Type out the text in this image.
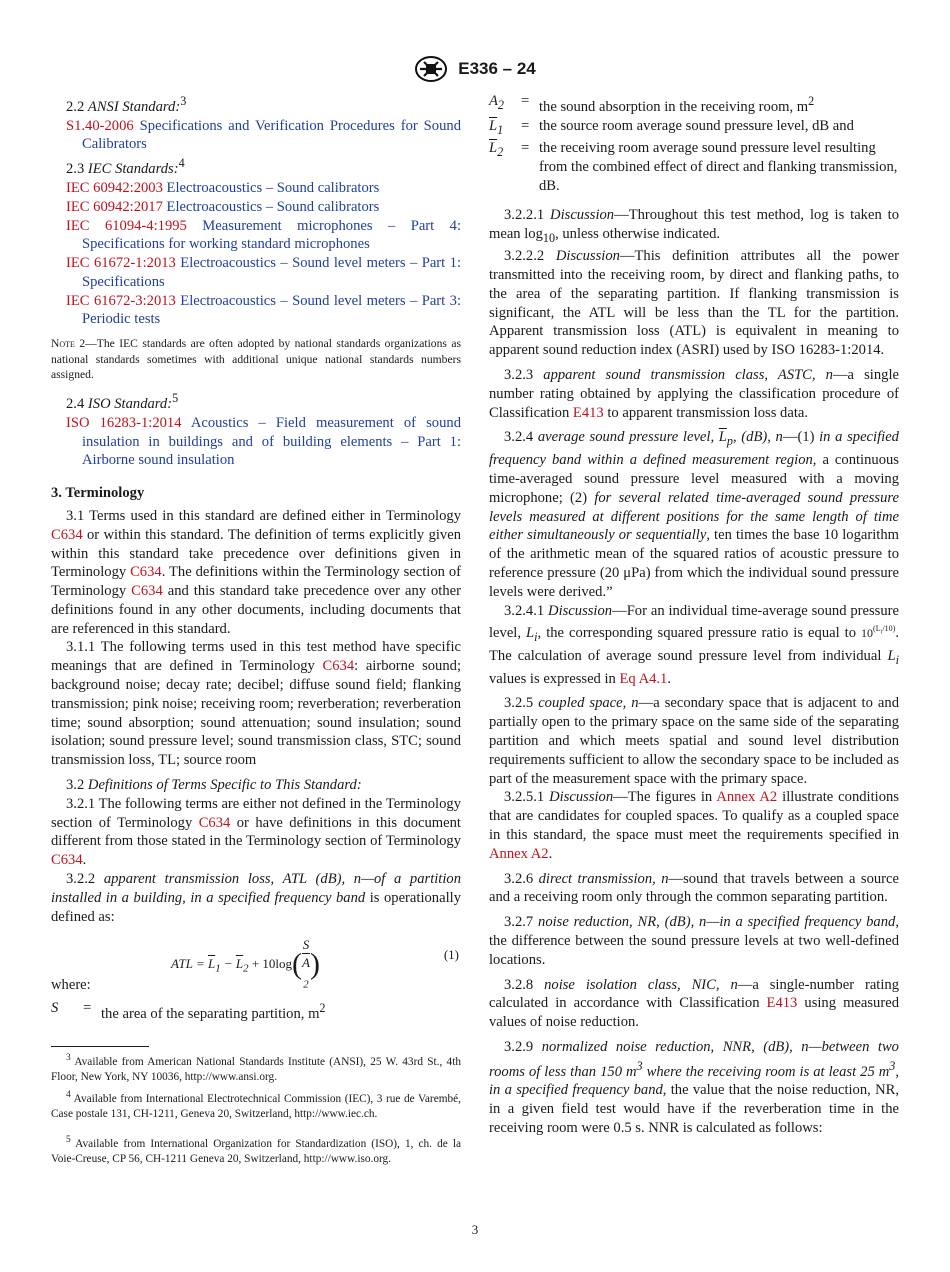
E336 – 24

2.2 ANSI Standard:$^3$

S1.40-2006 Specifications and Verification Procedures for Sound Calibrators

2.3 IEC Standards:$^4$

IEC 60942:2003 Electroacoustics – Sound calibrators

IEC 60942:2017 Electroacoustics – Sound calibrators

IEC 61094-4:1995 Measurement microphones – Part 4: Specifications for working standard microphones

IEC 61672-1:2013 Electroacoustics – Sound level meters – Part 1: Specifications

IEC 61672-3:2013 Electroacoustics – Sound level meters – Part 3: Periodic tests

Note 2—The IEC standards are often adopted by national standards organizations as national standards sometimes with additional unique national standards numbers assigned.

2.4 ISO Standard:$^5$

ISO 16283-1:2014 Acoustics – Field measurement of sound insulation in buildings and of building elements – Part 1: Airborne sound insulation

3. Terminology

3.1 Terms used in this standard are defined either in Terminology C634 or within this standard. The definition of terms explicitly given within this standard take precedence over definitions given in Terminology C634. The definitions within the Terminology section of Terminology C634 and this standard take precedence over any other definitions found in any other documents, including documents that are referenced in this standard.

3.1.1 The following terms used in this test method have specific meanings that are defined in Terminology C634: airborne sound; background noise; decay rate; decibel; diffuse sound field; flanking transmission; pink noise; receiving room; reverberation; reverberation time; sound absorption; sound attenuation; sound insulation; sound isolation; sound pressure level; sound transmission class, STC; sound transmission loss, TL; source room

3.2 Definitions of Terms Specific to This Standard:

3.2.1 The following terms are either not defined in the Terminology section of Terminology C634 or have definitions in this document different from those stated in the Terminology section of Terminology C634.

3.2.2 apparent transmission loss, ATL (dB), n—of a partition installed in a building, in a specified frequency band is operationally defined as:

ATL = $\overline{L}_1 - \overline{L}_2 + 10\log$( S
A
$_2$ )	(1)

where:

S	= the area of the separating partition, $m^2$

$^3$ Available from American National Standards Institute (ANSI), 25 W. 43rd St., 4th Floor, New York, NY 10036, http://www.ansi.org.

$^4$ Available from International Electrotechnical Commission (IEC), 3 rue de Varembé, Case postale 131, CH-1211, Geneva 20, Switzerland, http://www.iec.ch.

$^5$ Available from International Organization for Standardization (ISO), 1, ch. de la Voie-Creuse, CP 56, CH-1211 Geneva 20, Switzerland, http://www.iso.org.

$A_2$	= the sound absorption in the receiving room, $m^2$
$\overline{L}_1$	= the source room average sound pressure level, dB and
$\overline{L}_2$	= the receiving room average sound pressure level resulting from the combined effect of direct and flanking transmission, dB.

3.2.2.1 Discussion—Throughout this test method, log is taken to mean $\log_{10}$, unless otherwise indicated.

3.2.2.2 Discussion—This definition attributes all the power transmitted into the receiving room, by direct and flanking paths, to the area of the separating partition. If flanking transmission is significant, the ATL will be less than the TL for the partition. Apparent transmission loss (ATL) is equivalent in meaning to apparent sound reduction index (ASRI) used by ISO 16283-1:2014.

3.2.3 apparent sound transmission class, ASTC, n—a single number rating obtained by applying the classification procedure of Classification E413 to apparent transmission loss data.

3.2.4 average sound pressure level, $\overline{L}_p$, (dB), n—(1) in a specified frequency band within a defined measurement region, a continuous time-averaged sound pressure level measured with a moving microphone; (2) for several related time-averaged sound pressure levels measured at different positions for the same length of time either simultaneously or sequentially, ten times the base 10 logarithm of the arithmetic mean of the squared ratios of acoustic pressure to reference pressure (20 μPa) from which the individual sound pressure levels were derived.”

3.2.4.1 Discussion—For an individual time-average sound pressure level, $L_i$, the corresponding squared pressure ratio is equal to $10^{(L_i/10)}$. The calculation of average sound pressure level from individual $L_i$ values is expressed in Eq A4.1.

3.2.5 coupled space, n—a secondary space that is adjacent to and partially open to the primary space on the same side of the separating partition and which meets spatial and sound level distribution requirements sufficient to allow the secondary space to be included as part of the measurement space with the primary space.

3.2.5.1 Discussion—The figures in Annex A2 illustrate conditions that are candidates for coupled spaces. To qualify as a coupled space in this standard, the space must meet the requirements specified in Annex A2.

3.2.6 direct transmission, n—sound that travels between a source and a receiving room only through the common separating partition.

3.2.7 noise reduction, NR, (dB), n—in a specified frequency band, the difference between the sound pressure levels at two well-defined locations.

3.2.8 noise isolation class, NIC, n—a single-number rating calculated in accordance with Classification E413 using measured values of noise reduction.

3.2.9 normalized noise reduction, NNR, (dB), n—between two rooms of less than 150 $m^3$ where the receiving room is at least 25 $m^3$, in a specified frequency band, the value that the noise reduction, NR, in a given field test would have if the reverberation time in the receiving room were 0.5 s. NNR is calculated as follows:

3
